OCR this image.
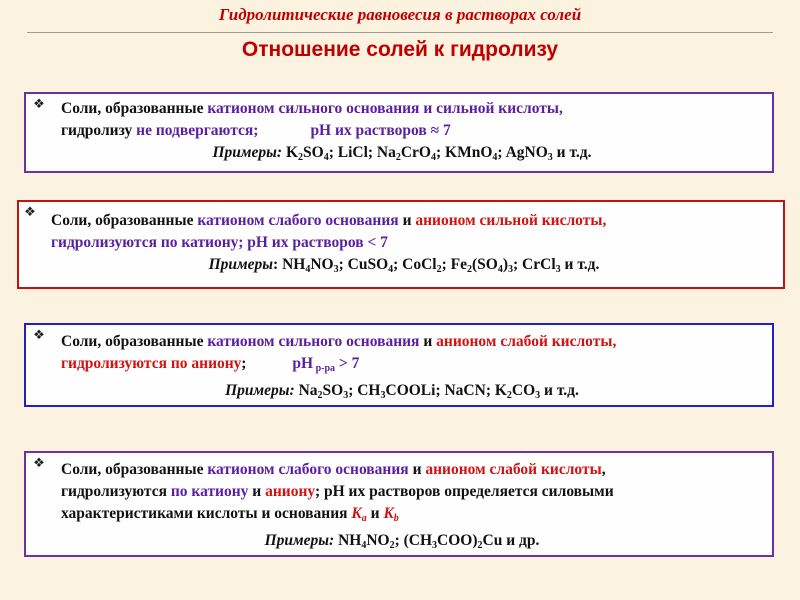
Гидролитические равновесия в растворах солей
Отношение солей к гидролизу
❖	Соли, образованные катионом сильного основания и сильной кислоты,
гидролизу не подвергаются;	pH их растворов ≈ 7
Примеры: $K_2SO_4$; LiCl; $Na_2CrO_4$; KMnO$_4$; AgNO$_3$ и т.д.
❖ Соли, образованные катионом слабого основания и анионом сильной кислоты,
гидролизуются по катиону; pH их растворов < 7
Примеры: $NH_4NO_3$; CuSO$_4$; CoCl$_2$; $Fe_2(SO_4)_3$; CrCl$_3$ и т.д.
❖	Соли, образованные катионом сильного основания и анионом слабой кислоты,
гидролизуются по аниону;	pH $_{р-ра}$ > 7
Примеры: $Na_2SO_3$; $CH_3COOLi$; NaCN; $K_2CO_3$ и т.д.
❖	Соли, образованные катионом слабого основания и анионом слабой кислоты,
гидролизуются по катиону и аниону; pH их растворов определяется силовыми
характеристиками кислоты и основания $K_a$ и $K_b$
Примеры: $NH_4NO_2$; $(CH_3COO)_2Cu$ и др.
